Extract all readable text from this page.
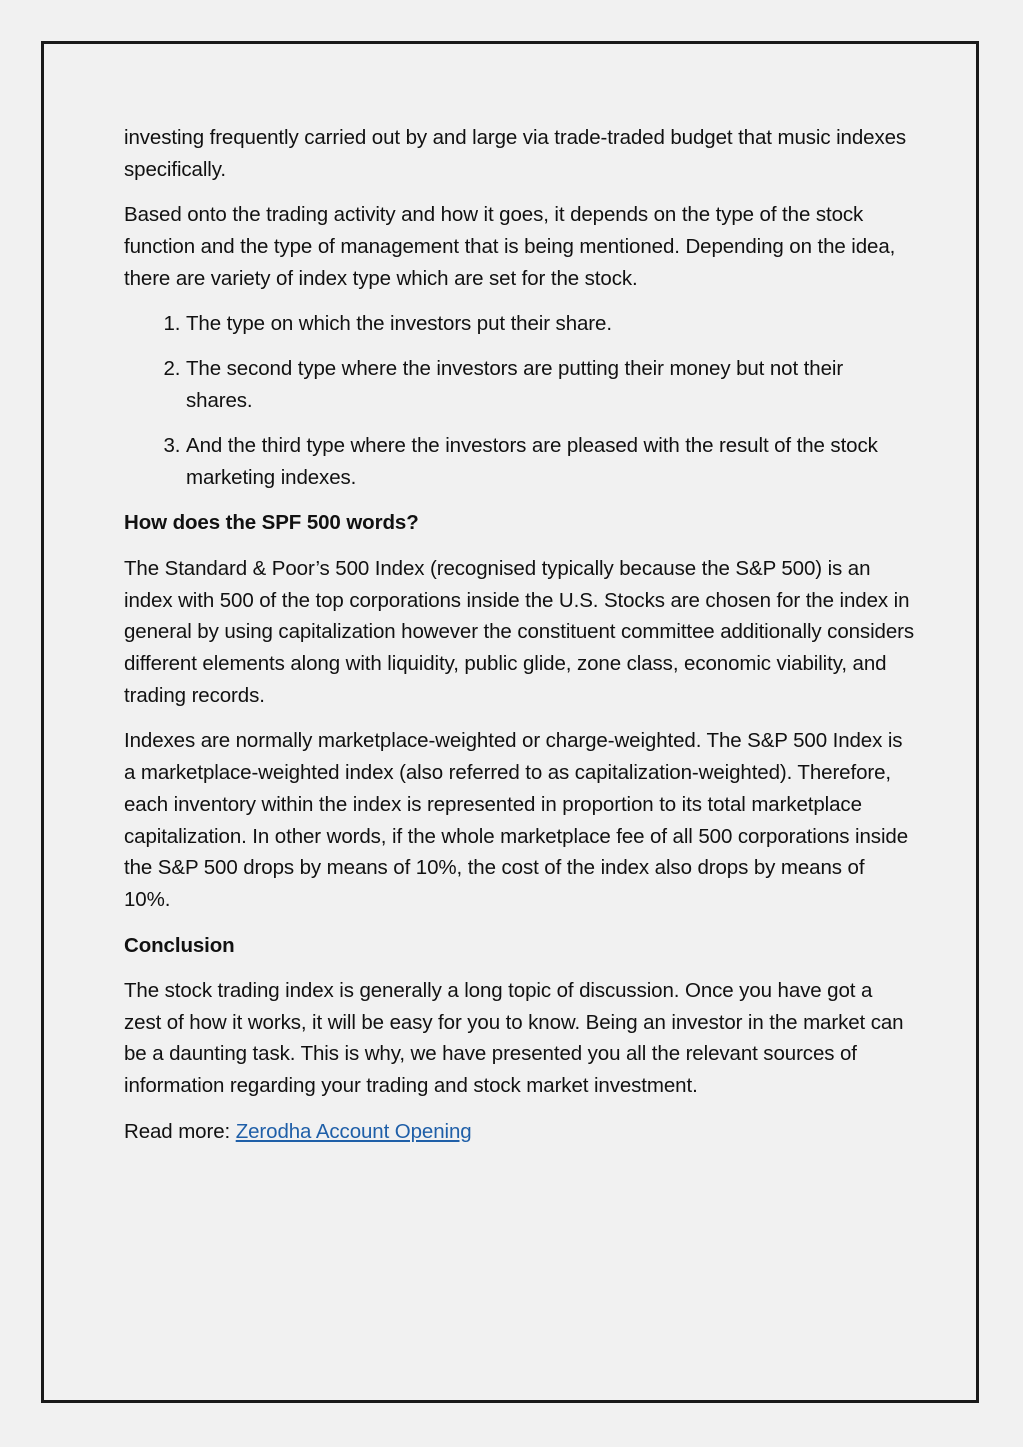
investing frequently carried out by and large via trade-traded budget that music indexes specifically.

Based onto the trading activity and how it goes, it depends on the type of the stock function and the type of management that is being mentioned. Depending on the idea, there are variety of index type which are set for the stock.

1. The type on which the investors put their share.
2. The second type where the investors are putting their money but not their shares.
3. And the third type where the investors are pleased with the result of the stock marketing indexes.
How does the SPF 500 words?

The Standard & Poor’s 500 Index (recognised typically because the S&P 500) is an index with 500 of the top corporations inside the U.S. Stocks are chosen for the index in general by using capitalization however the constituent committee additionally considers different elements along with liquidity, public glide, zone class, economic viability, and trading records.

Indexes are normally marketplace-weighted or charge-weighted. The S&P 500 Index is a marketplace-weighted index (also referred to as capitalization-weighted). Therefore, each inventory within the index is represented in proportion to its total marketplace capitalization. In other words, if the whole marketplace fee of all 500 corporations inside the S&P 500 drops by means of 10%, the cost of the index also drops by means of 10%.

Conclusion

The stock trading index is generally a long topic of discussion. Once you have got a zest of how it works, it will be easy for you to know. Being an investor in the market can be a daunting task. This is why, we have presented you all the relevant sources of information regarding your trading and stock market investment.

Read more: Zerodha Account Opening
